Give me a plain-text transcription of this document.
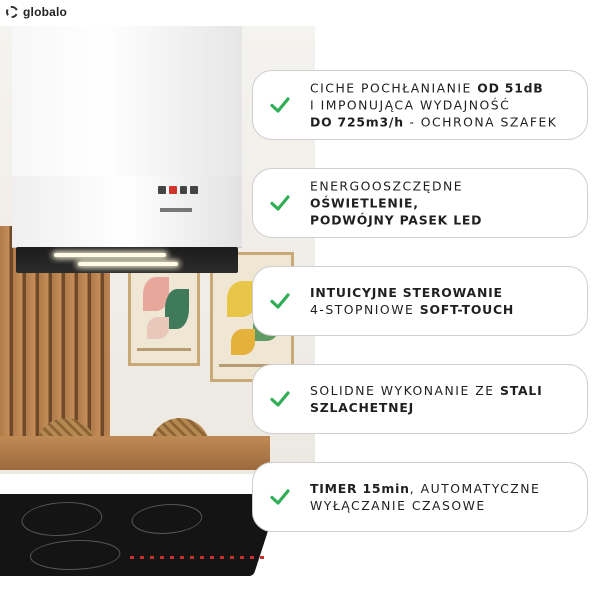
globalo
CICHE POCHŁANIANIE OD 51dB
I IMPONUJĄCA WYDAJNOŚĆ
DO 725m3/h - OCHRONA SZAFEK
ENERGOOSZCZĘDNE OŚWIETLENIE,
PODWÓJNY PASEK LED
INTUICYJNE STEROWANIE
4-STOPNIOWE SOFT-TOUCH
SOLIDNE WYKONANIE ZE STALI
SZLACHETNEJ
TIMER 15min, AUTOMATYCZNE
WYŁĄCZANIE CZASOWE
